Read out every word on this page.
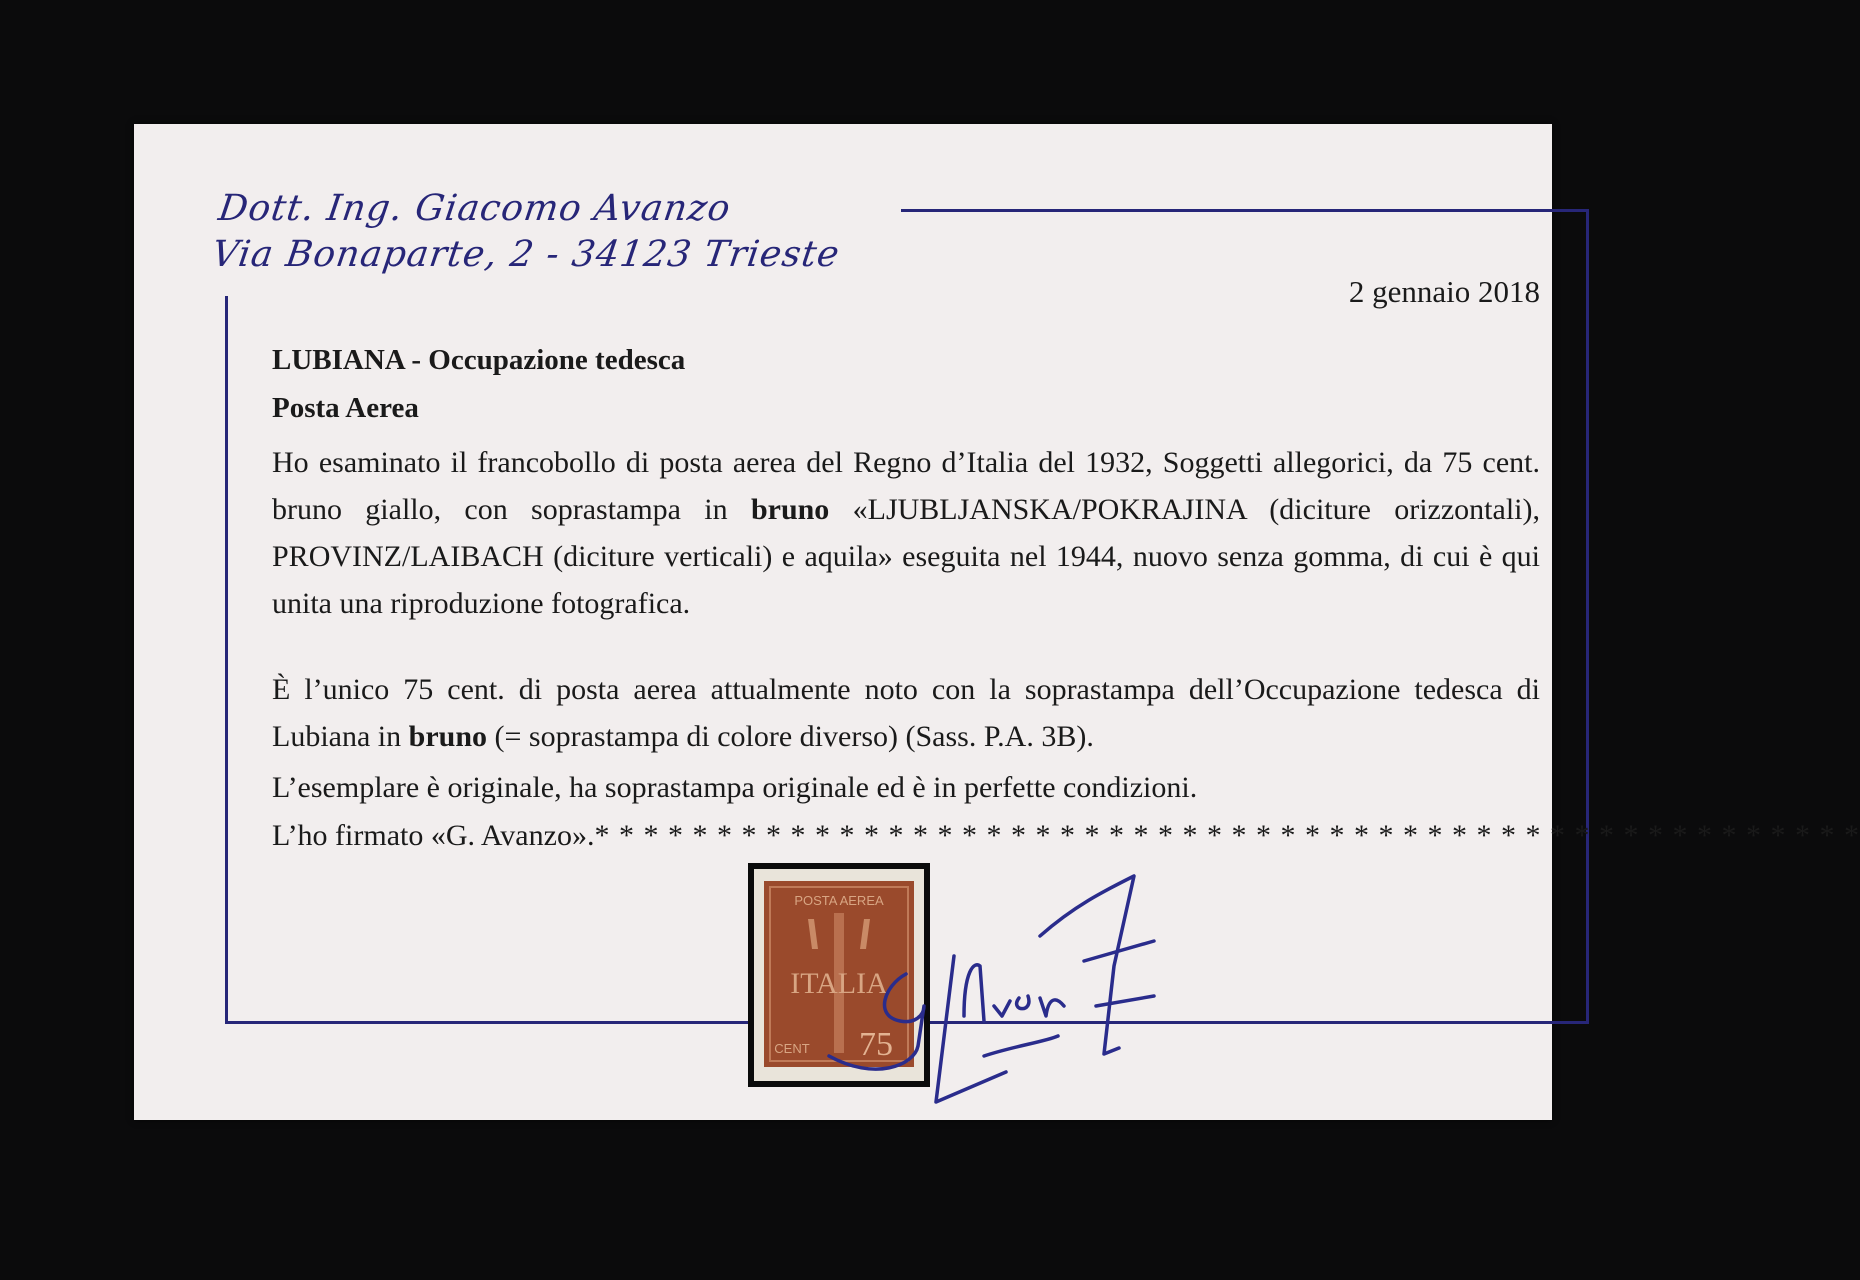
Dott. Ing. Giacomo Avanzo
Via Bonaparte, 2 - 34123 Trieste
2 gennaio 2018

LUBIANA - Occupazione tedesca

Posta Aerea

Ho esaminato il francobollo di posta aerea del Regno d’Italia del 1932, Soggetti allegorici, da 75 cent. bruno giallo, con soprastampa in bruno «LJUBLJANSKA/POKRAJINA (diciture orizzontali), PROVINZ/LAIBACH (diciture verticali) e aquila» eseguita nel 1944, nuovo senza gomma, di cui è qui unita una riproduzione fotografica.

È l’unico 75 cent. di posta aerea attualmente noto con la soprastampa dell’Occupazione tedesca di Lubiana in bruno (= soprastampa di colore diverso) (Sass. P.A. 3B).

L’esemplare è originale, ha soprastampa originale ed è in perfette condizioni.

L’ho firmato «G. Avanzo».* * * * * * * * * * * * * * * * * * * * * * * * * * * * * * * * * * * * * * * * * * * * * * * * * * * *

POSTA AEREA
ITALIA
CENT 75
